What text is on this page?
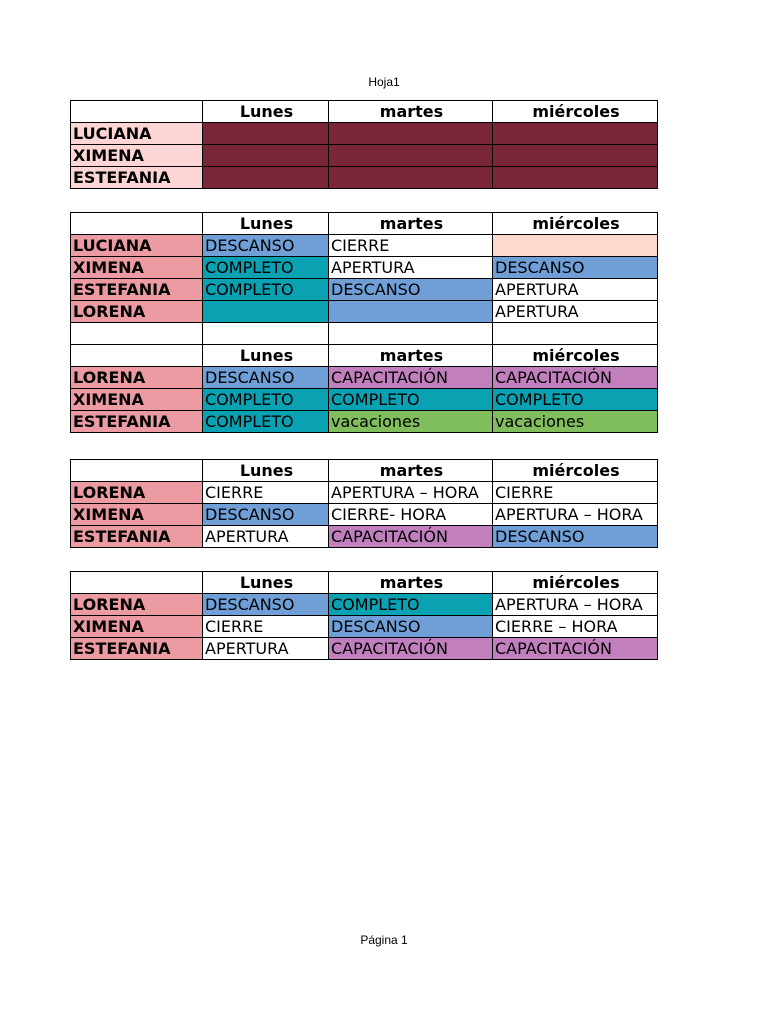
Hoja1
	Lunes	martes	miércoles
LUCIANA			
XIMENA			
ESTEFANIA			
	Lunes	martes	miércoles
LUCIANA	DESCANSO	CIERRE	
XIMENA	COMPLETO	APERTURA	DESCANSO
ESTEFANIA	COMPLETO	DESCANSO	APERTURA
LORENA			APERTURA

	Lunes	martes	miércoles
LORENA	DESCANSO	CAPACITACIÓN	CAPACITACIÓN
XIMENA	COMPLETO	COMPLETO	COMPLETO
ESTEFANIA	COMPLETO	vacaciones	vacaciones
	Lunes	martes	miércoles
LORENA	CIERRE	APERTURA – HORA	CIERRE
XIMENA	DESCANSO	CIERRE- HORA	APERTURA – HORA
ESTEFANIA	APERTURA	CAPACITACIÓN	DESCANSO
	Lunes	martes	miércoles
LORENA	DESCANSO	COMPLETO	APERTURA – HORA
XIMENA	CIERRE	DESCANSO	CIERRE – HORA
ESTEFANIA	APERTURA	CAPACITACIÓN	CAPACITACIÓN
Página 1
